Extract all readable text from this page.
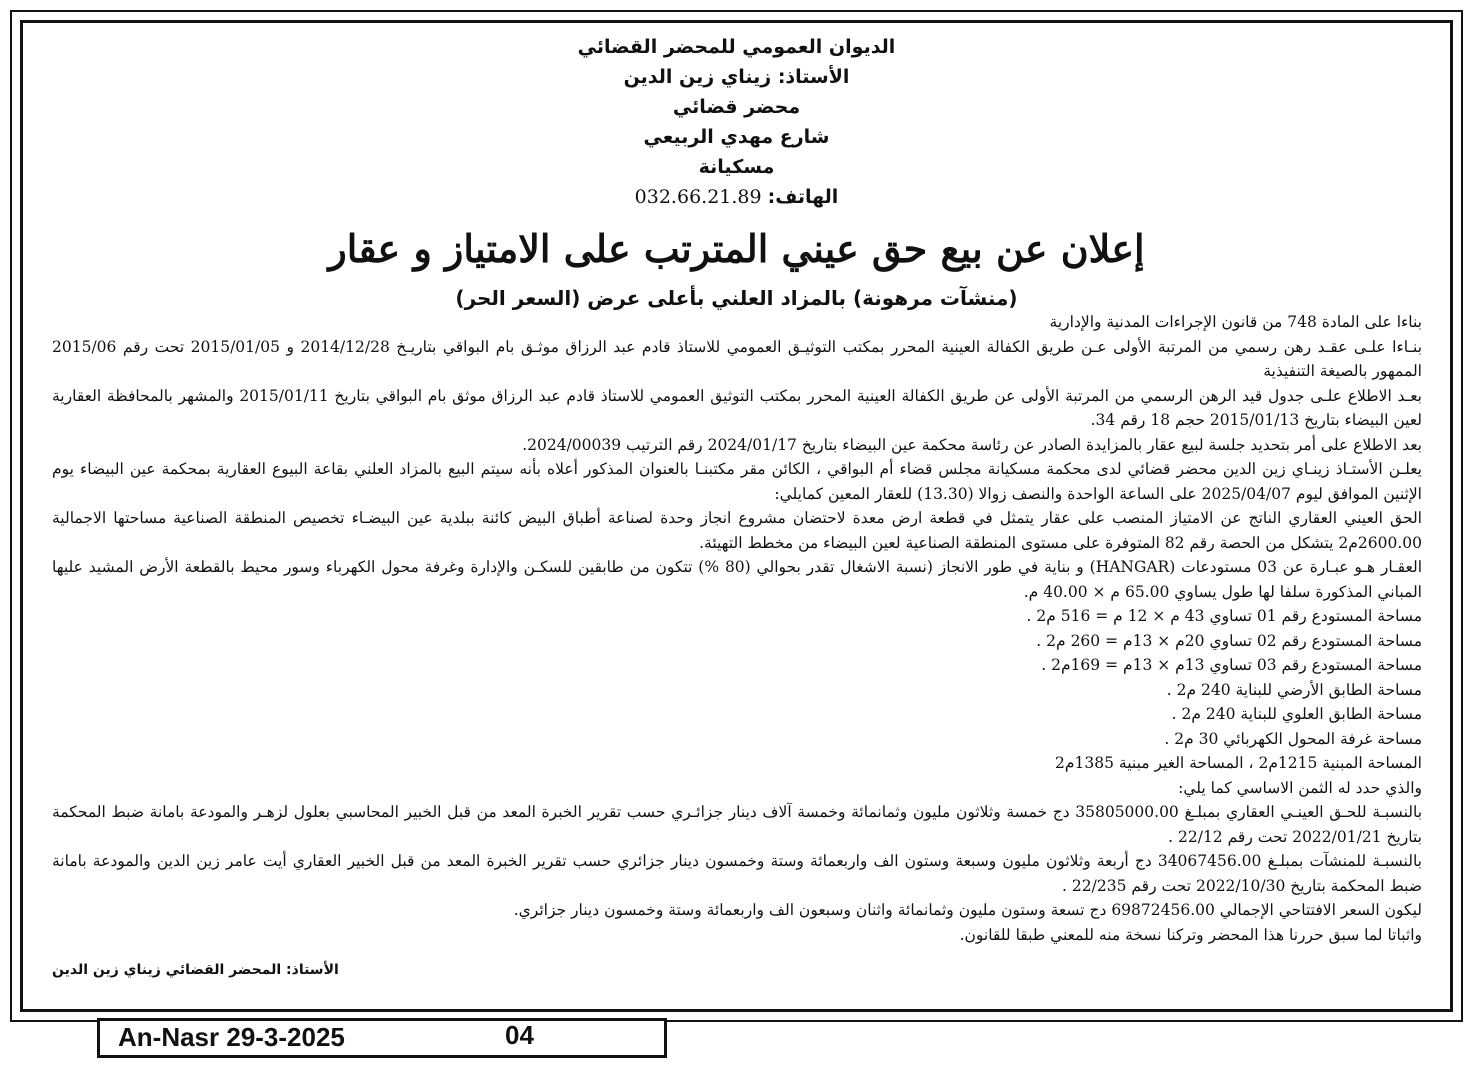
الديوان العمومي للمحضر القضائي
الأستاذ: زيناي زين الدين
محضر قضائي
شارع مهدي الربيعي
مسكيانة
الهاتف: 032.66.21.89
إعلان عن بيع حق عيني المترتب على الامتياز و عقار
(منشآت مرهونة) بالمزاد العلني بأعلى عرض (السعر الحر)

بناءا على المادة 748 من قانون الإجراءات المدنية والإدارية

بنـاءا علـى عقـد رهن رسمي من المرتبة الأولى عـن طريق الكفالة العينية المحرر بمكتب التوثيـق العمومي للاستاذ قادم عبد الرزاق موثـق بام البواقي بتاريـخ 2014/12/28 و 2015/01/05 تحت رقم 2015/06 الممهور بالصيغة التنفيذية

بعـد الاطلاع علـى جدول قيد الرهن الرسمي من المرتبة الأولى عن طريق الكفالة العينية المحرر بمكتب التوثيق العمومي للاستاذ قادم عبد الرزاق موثق بام البواقي بتاريخ 2015/01/11 والمشهر بالمحافظة العقارية لعين البيضاء بتاريخ 2015/01/13 حجم 18 رقم 34.

بعد الاطلاع على أمر بتحديد جلسة لبيع عقار بالمزايدة الصادر عن رئاسة محكمة عين البيضاء بتاريخ 2024/01/17 رقم الترتيب 2024/00039.

يعلـن الأستـاذ زينـاي زين الدين محضر قضائي لدى محكمة مسكيانة مجلس قضاء أم البواقي ، الكائن مقر مكتبنـا بالعنوان المذكور أعلاه بأنه سيتم البيع بالمزاد العلني بقاعة البيوع العقارية بمحكمة عين البيضاء يوم الإثنين الموافق ليوم 2025/04/07 على الساعة الواحدة والنصف زوالا (13.30) للعقار المعين كمايلي:

الحق العيني العقاري الناتج عن الامتياز المنصب على عقار يتمثل في قطعة ارض معدة لاحتضان مشروع انجاز وحدة لصناعة أطباق البيض كائنة ببلدية عين البيضـاء تخصيص المنطقة الصناعية مساحتها الاجمالية 2600.00م2 يتشكل من الحصة رقم 82 المتوفرة على مستوى المنطقة الصناعية لعين البيضاء من مخطط التهيئة.

العقـار هـو عبـارة عن 03 مستودعات (HANGAR) و بناية في طور الانجاز (نسبة الاشغال تقدر بحوالي (80 %) تتكون من طابقين للسكـن والإدارة وغرفة محول الكهرباء وسور محيط بالقطعة الأرض المشيد عليها المباني المذكورة سلفا لها طول يساوي 65.00 م × 40.00 م.

مساحة المستودع رقم 01 تساوي 43 م × 12 م = 516 م2 .

مساحة المستودع رقم 02 تساوي 20م × 13م = 260 م2 .

مساحة المستودع رقم 03 تساوي 13م × 13م = 169م2 .

مساحة الطابق الأرضي للبناية 240 م2 .

مساحة الطابق العلوي للبناية 240 م2 .

مساحة غرفة المحول الكهربائي 30 م2 .

المساحة المبنية 1215م2 ، المساحة الغير مبنية 1385م2

والذي حدد له الثمن الاساسي كما يلي:

بالنسبـة للحـق العينـي العقاري بمبلـغ 35805000.00 دج خمسة وثلاثون مليون وثمانمائة وخمسة آلاف دينار جزائـري حسب تقرير الخبرة المعد من قبل الخبير المحاسبي بعلول لزهـر والمودعة بامانة ضبط المحكمة بتاريخ 2022/01/21 تحت رقم 22/12 .

بالنسبـة للمنشآت بمبلـغ 34067456.00 دج أربعة وثلاثون مليون وسبعة وستون الف واربعمائة وستة وخمسون دينار جزائري حسب تقرير الخبرة المعد من قبل الخبير العقاري أيت عامر زين الدين والمودعة بامانة ضبط المحكمة بتاريخ 2022/10/30 تحت رقم 22/235 .

ليكون السعر الافتتاحي الإجمالي 69872456.00 دج تسعة وستون مليون وثمانمائة واثنان وسبعون الف واربعمائة وستة وخمسون دينار جزائري.

واثباتا لما سبق حررنا هذا المحضر وتركنا نسخة منه للمعني طبقا للقانون.

الأستاذ: المحضر القضائي زيناي زين الدين
An-Nasr 29-3-2025	04
